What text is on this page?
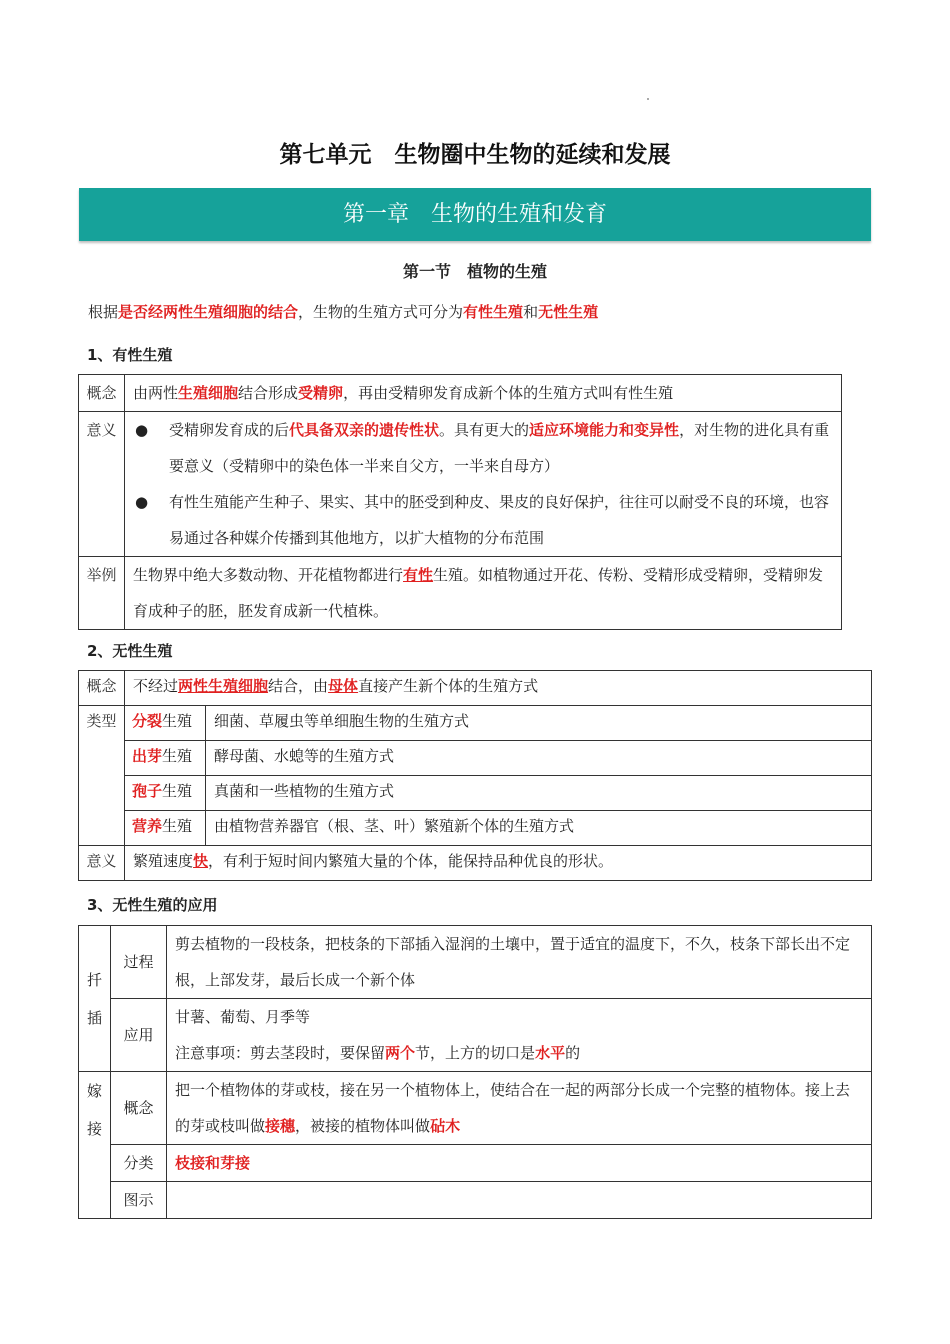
第七单元　生物圈中生物的延续和发展
第一章　生物的生殖和发育
第一节　植物的生殖
根据是否经两性生殖细胞的结合，生物的生殖方式可分为有性生殖和无性生殖
1、有性生殖
概念	由两性生殖细胞结合形成受精卵，再由受精卵发育成新个体的生殖方式叫有性生殖
意义	● 受精卵发育成的后代具备双亲的遗传性状。具有更大的适应环境能力和变异性，对生物的进化具有重要意义（受精卵中的染色体一半来自父方，一半来自母方）
● 有性生殖能产生种子、果实、其中的胚受到种皮、果皮的良好保护，往往可以耐受不良的环境，也容易通过各种媒介传播到其他地方，以扩大植物的分布范围

举例	生物界中绝大多数动物、开花植物都进行有性生殖。如植物通过开花、传粉、受精形成受精卵，受精卵发育成种子的胚，胚发育成新一代植株。
2、无性生殖
概念	不经过两性生殖细胞结合，由母体直接产生新个体的生殖方式	
类型	分裂生殖	细菌、草履虫等单细胞生物的生殖方式
	出芽生殖	酵母菌、水螅等的生殖方式
	孢子生殖	真菌和一些植物的生殖方式
	营养生殖	由植物营养器官（根、茎、叶）繁殖新个体的生殖方式
意义	繁殖速度快，有利于短时间内繁殖大量的个体，能保持品种优良的形状。	
3、无性生殖的应用
扦
插	过程	剪去植物的一段枝条，把枝条的下部插入湿润的土壤中，置于适宜的温度下，不久，枝条下部长出不定根，上部发芽，最后长成一个新个体
	应用	甘薯、葡萄、月季等
注意事项：剪去茎段时，要保留两个节，上方的切口是水平的

嫁
接	概念	把一个植物体的芽或枝，接在另一个植物体上，使结合在一起的两部分长成一个完整的植物体。接上去的芽或枝叫做接穗，被接的植物体叫做砧木
	分类	枝接和芽接
	图示	
